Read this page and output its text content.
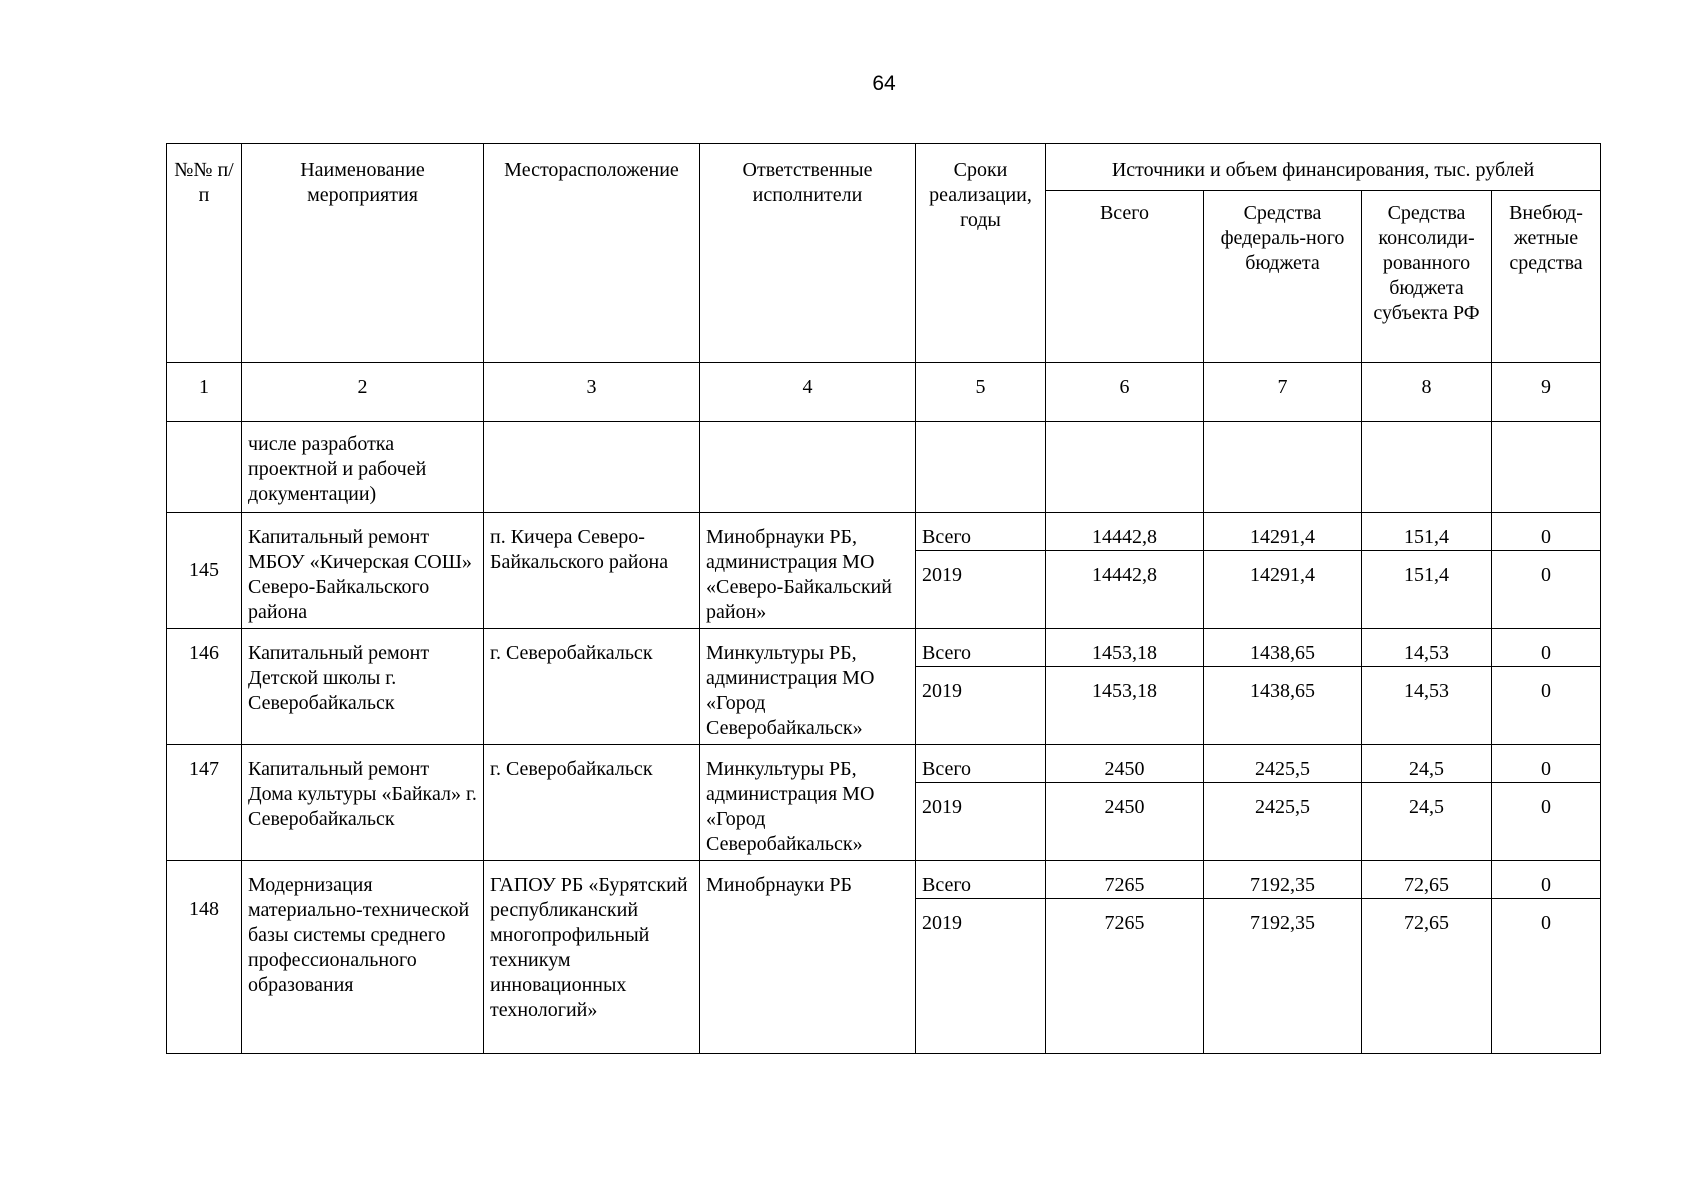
64
№№ п/п	Наименование мероприятия	Месторасположение	Ответственные исполнители	Сроки реализации, годы	Источники и объем финансирования, тыс. рублей			
					Всего	Средства федераль-ного бюджета	Средства консолиди-рованного бюджета субъекта РФ	Внебюд-жетные средства
1	2	3	4	5	6	7	8	9
	числе разработка проектной и рабочей документации)							
145	Капитальный ремонт МБОУ «Кичерская СОШ» Северо-Байкальского района	п. Кичера Северо-Байкальского района	Минобрнауки РБ, администрация МО «Северо-Байкальский район»	Всего	14442,8	14291,4	151,4	0
				2019	14442,8	14291,4	151,4	0
146	Капитальный ремонт Детской школы г. Северобайкальск	г. Северобайкальск	Минкультуры РБ, администрация МО «Город Северобайкальск»	Всего	1453,18	1438,65	14,53	0
				2019	1453,18	1438,65	14,53	0
147	Капитальный ремонт Дома культуры «Байкал» г. Северобайкальск	г. Северобайкальск	Минкультуры РБ, администрация МО «Город Северобайкальск»	Всего	2450	2425,5	24,5	0
				2019	2450	2425,5	24,5	0
148	Модернизация материально-технической базы системы среднего профессионального образования	ГАПОУ РБ «Бурятский республиканский многопрофильный техникум инновационных технологий»	Минобрнауки РБ	Всего	7265	7192,35	72,65	0
				2019	7265	7192,35	72,65	0
